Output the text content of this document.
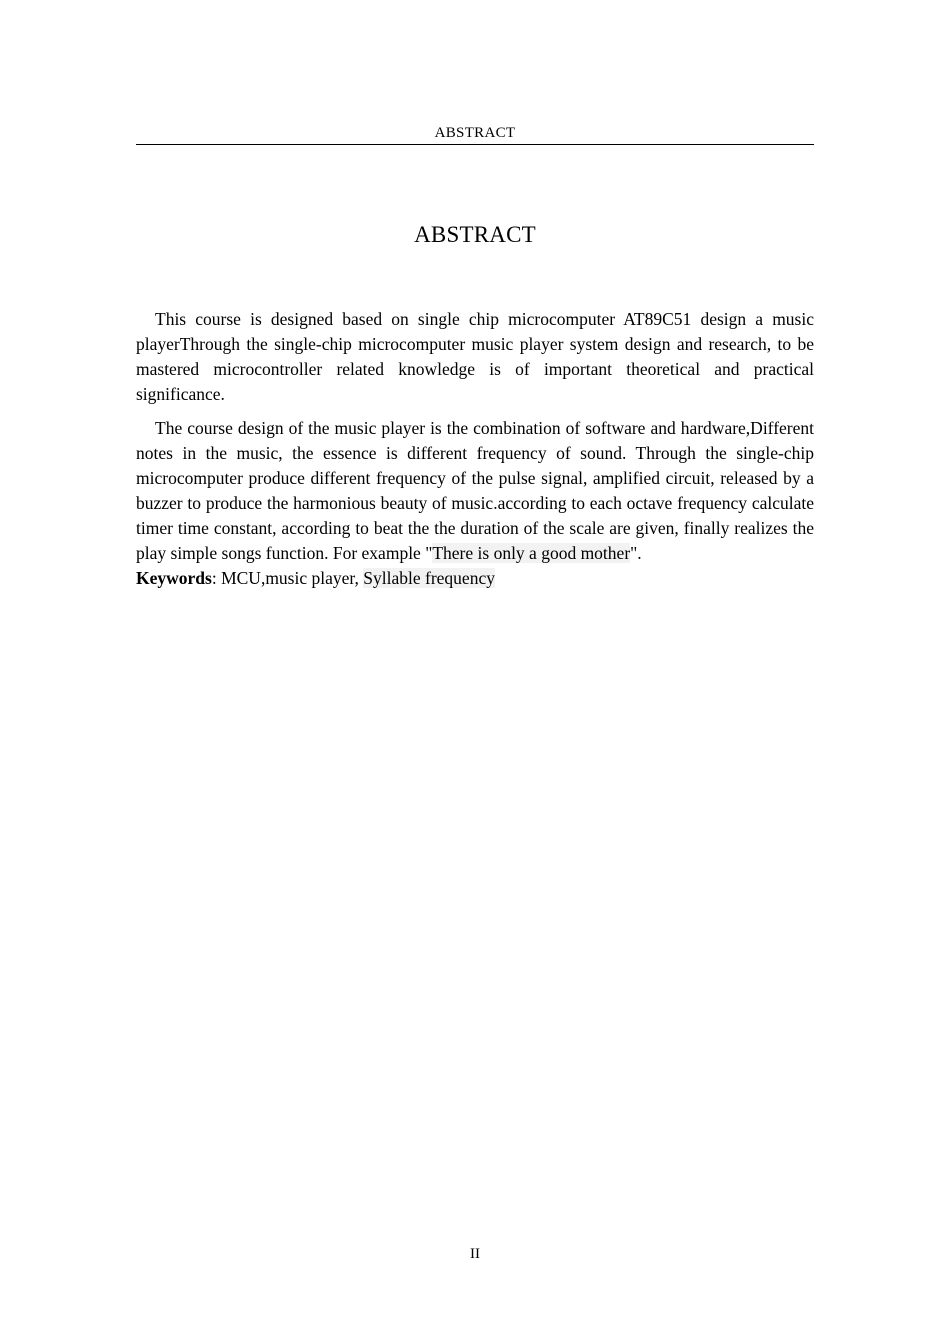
ABSTRACT
ABSTRACT

This course is designed based on single chip microcomputer AT89C51 design a music playerThrough the single-chip microcomputer music player system design and research, to be mastered microcontroller related knowledge is of important theoretical and practical significance.

The course design of the music player is the combination of software and hardware,Different notes in the music, the essence is different frequency of sound. Through the single-chip microcomputer produce different frequency of the pulse signal, amplified circuit, released by a buzzer to produce the harmonious beauty of music.according to each octave frequency calculate timer time constant, according to beat the the duration of the scale are given, finally realizes the play simple songs function. For example "There is only a good mother".

Keywords: MCU,music player, Syllable frequency

II
